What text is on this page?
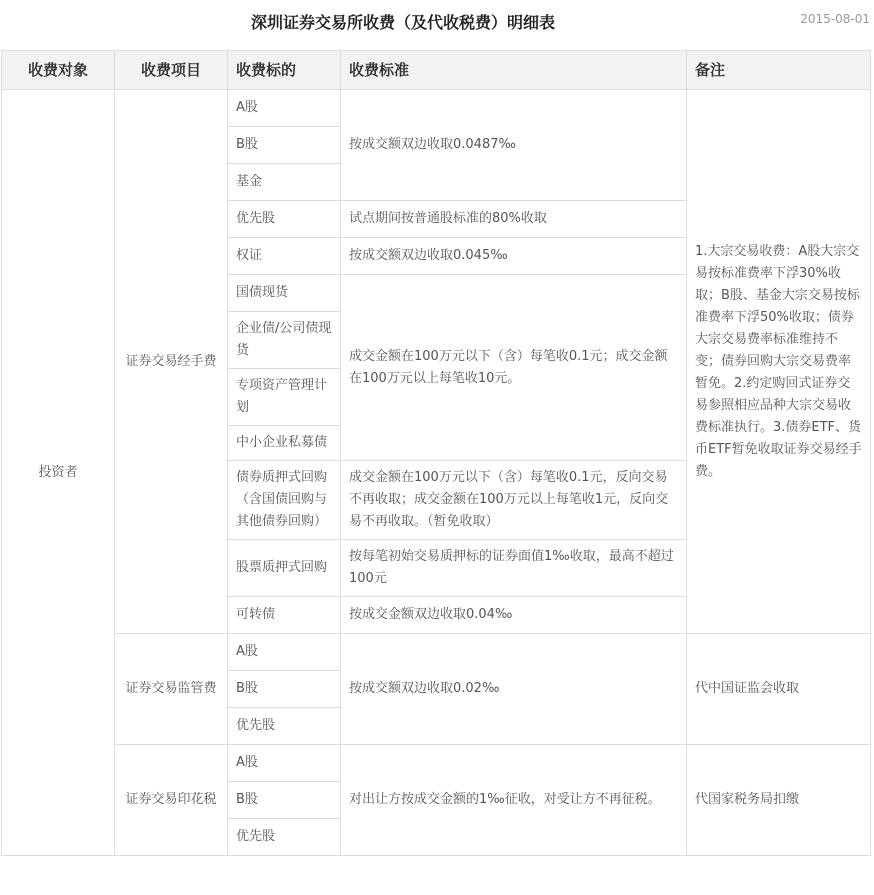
深圳证券交易所收费（及代收税费）明细表	2015-08-01
收费对象	收费项目	收费标的	收费标准	备注
投资者	证券交易经手费	A股	按成交额双边收取0.0487‰	1.大宗交易收费：A股大宗交易按标准费率下浮30%收取；B股、基金大宗交易按标准费率下浮50%收取；债券大宗交易费率标准维持不变；债券回购大宗交易费率暂免。2.约定购回式证券交易参照相应品种大宗交易收费标准执行。3.债券ETF、货币ETF暂免收取证券交易经手费。
		B股		
		基金		
		优先股	试点期间按普通股标准的80%收取	
		权证	按成交额双边收取0.045‰	
		国债现货	成交金额在100万元以下（含）每笔收0.1元；成交金额在100万元以上每笔收10元。	
		企业债/公司债现货		
		专项资产管理计划		
		中小企业私募债		
		债券质押式回购（含国债回购与其他债券回购）	成交金额在100万元以下（含）每笔收0.1元，反向交易不再收取；成交金额在100万元以上每笔收1元，反向交易不再收取。（暂免收取）	
		股票质押式回购	按每笔初始交易质押标的证券面值1‰收取，最高不超过100元	
		可转债	按成交金额双边收取0.04‰	
	证券交易监管费	A股	按成交额双边收取0.02‰	代中国证监会收取
		B股		
		优先股		
	证券交易印花税	A股	对出让方按成交金额的1‰征收，对受让方不再征税。	代国家税务局扣缴
		B股		
		优先股		
